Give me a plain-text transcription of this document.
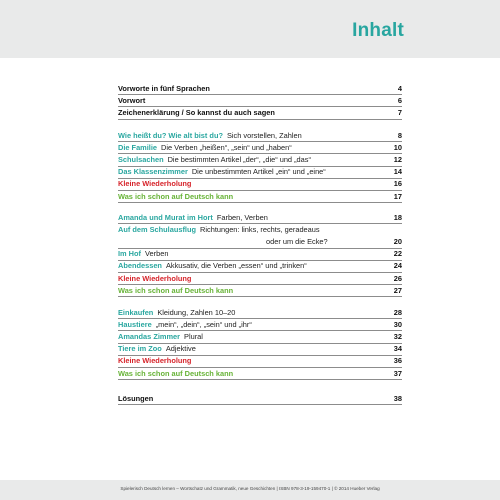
Inhalt
Vorworte in fünf Sprachen	4
Vorwort	6
Zeichenerklärung / So kannst du auch sagen	7
Wie heißt du? Wie alt bist du? Sich vorstellen, Zahlen	8
Die Familie Die Verben „heißen“, „sein“ und „haben“	10
Schulsachen Die bestimmten Artikel „der“, „die“ und „das“	12
Das Klassenzimmer Die unbestimmten Artikel „ein“ und „eine“	14
Kleine Wiederholung	16
Was ich schon auf Deutsch kann	17
Amanda und Murat im Hort Farben, Verben	18
Auf dem Schulausflug Richtungen: links, rechts, geradeaus
oder um die Ecke?	20
Im Hof Verben	22
Abendessen Akkusativ, die Verben „essen“ und „trinken“	24
Kleine Wiederholung	26
Was ich schon auf Deutsch kann	27
Einkaufen Kleidung, Zahlen 10–20	28
Haustiere „mein“, „dein“, „sein“ und „ihr“	30
Amandas Zimmer Plural	32
Tiere im Zoo Adjektive	34
Kleine Wiederholung	36
Was ich schon auf Deutsch kann	37
Lösungen	38
Spielerisch Deutsch lernen – Wortschatz und Grammatik, neue Geschichten | ISBN 978-3-19-159470-1 | © 2014 Hueber Verlag
